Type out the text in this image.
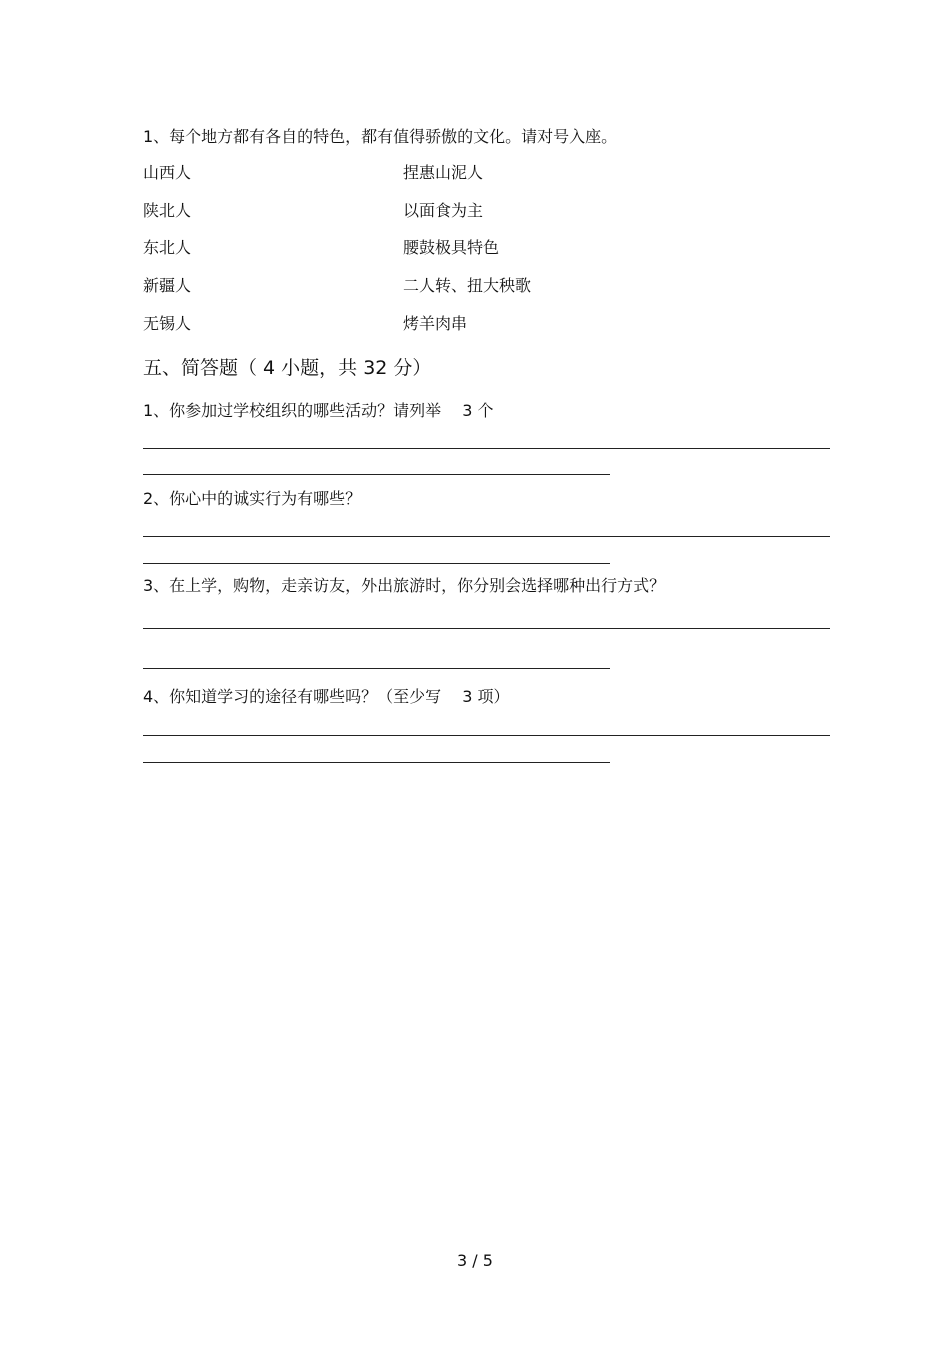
1、每个地方都有各自的特色，都有值得骄傲的文化。请对号入座。
山西人	捏惠山泥人
陕北人	以面食为主
东北人	腰鼓极具特色
新疆人	二人转、扭大秧歌
无锡人	烤羊肉串
五、简答题（ 4 小题，共 32 分）
1、你参加过学校组织的哪些活动？请列举　 3 个
2、你心中的诚实行为有哪些？
3、在上学，购物，走亲访友，外出旅游时，你分别会选择哪种出行方式？
4、你知道学习的途径有哪些吗？（至少写　 3 项）
3 / 5
